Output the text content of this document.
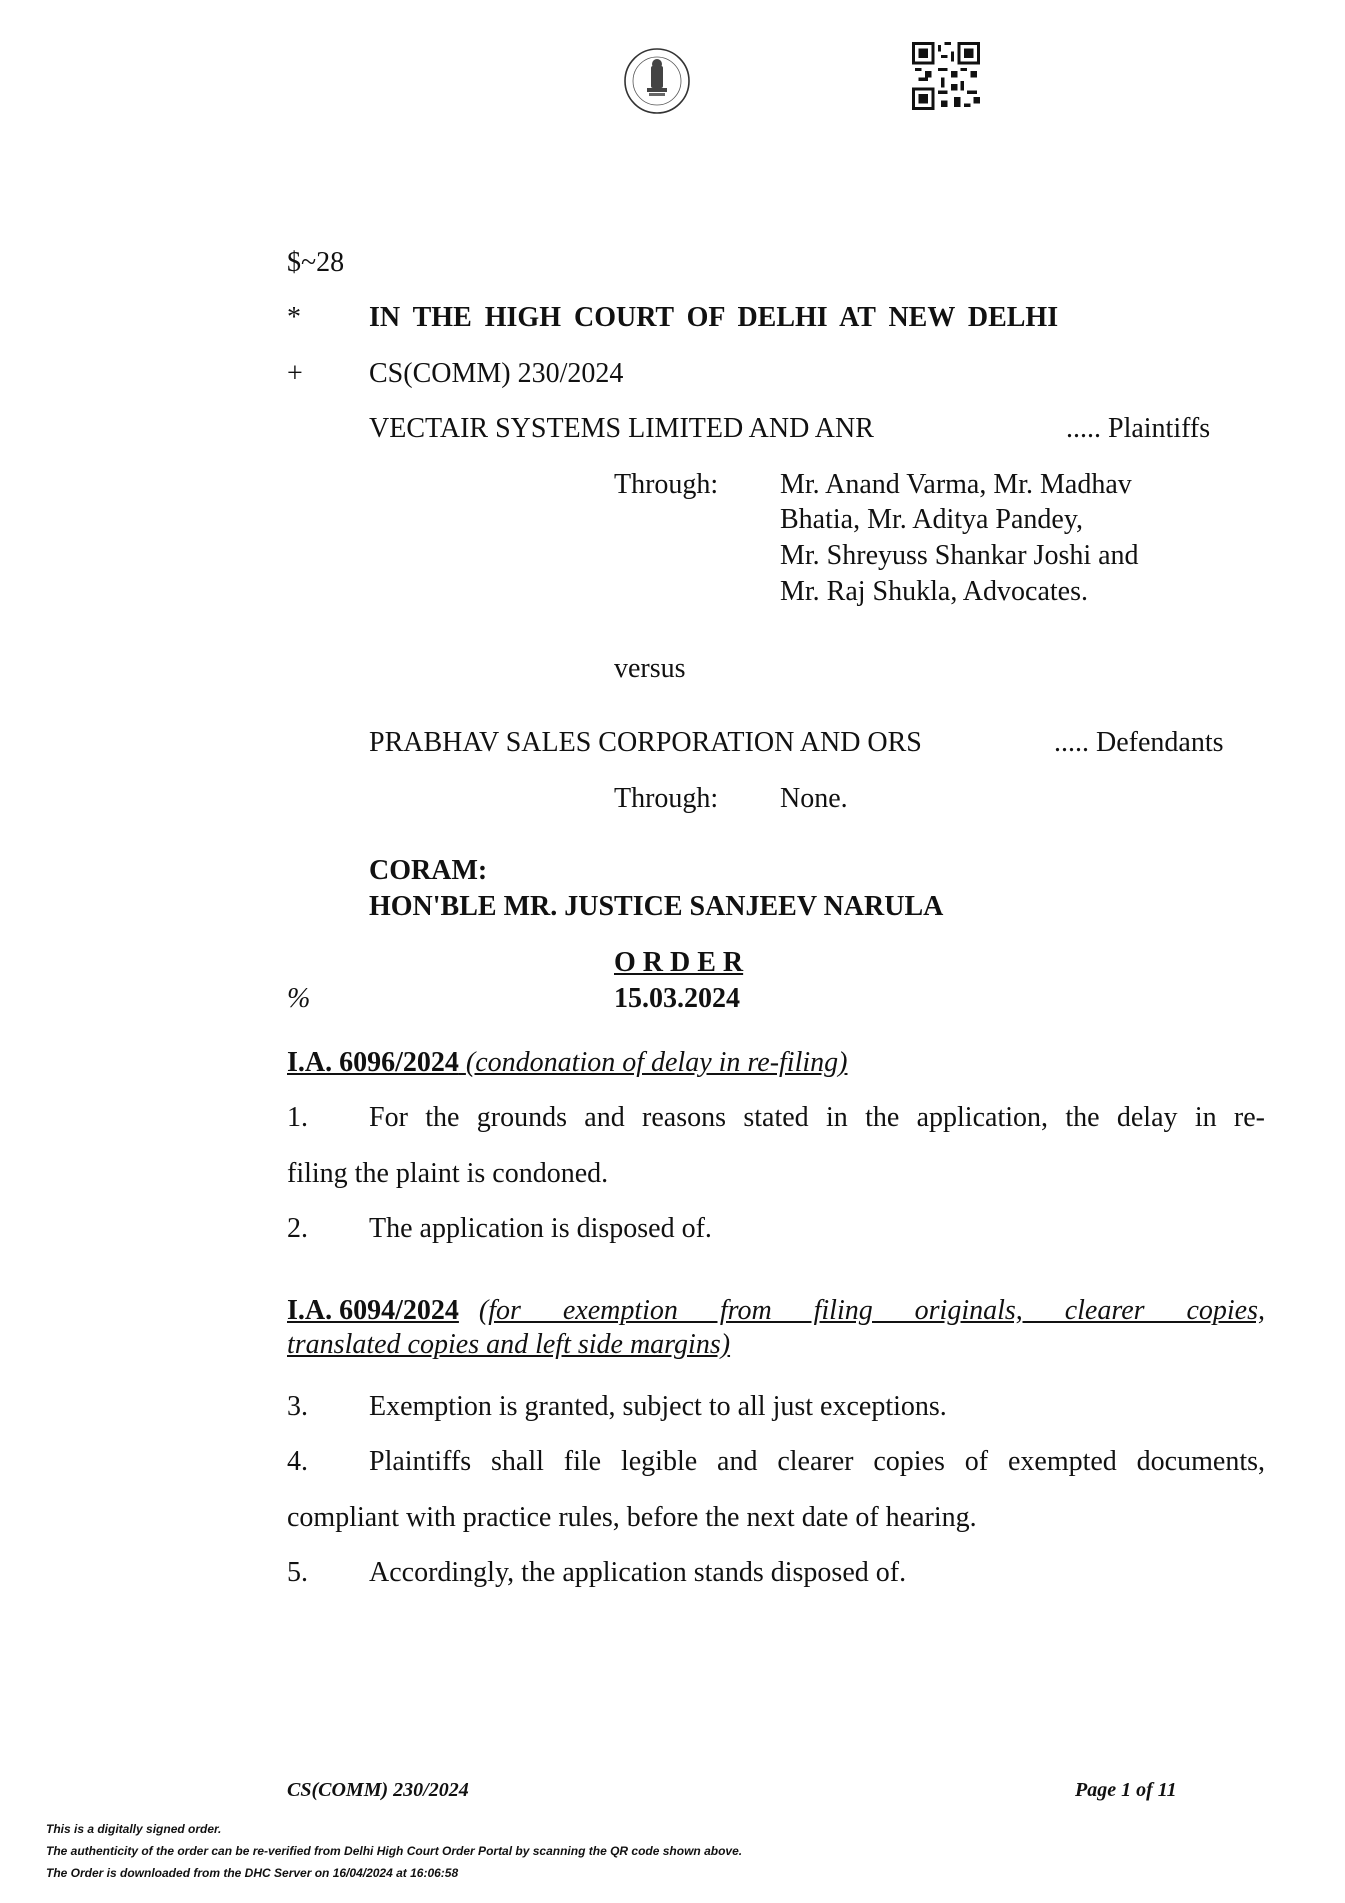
$~28
* IN THE HIGH COURT OF DELHI AT NEW DELHI
+ CS(COMM) 230/2024
VECTAIR SYSTEMS LIMITED AND ANR	..... Plaintiffs
Through: Mr. Anand Varma, Mr. Madhav
Bhatia, Mr. Aditya Pandey,
Mr. Shreyuss Shankar Joshi and
Mr. Raj Shukla, Advocates.
versus
PRABHAV SALES CORPORATION AND ORS	..... Defendants
Through: None.
CORAM:
HON'BLE MR. JUSTICE SANJEEV NARULA
O R D E R
%	15.03.2024
I.A. 6096/2024 (condonation of delay in re-filing)
1. For the grounds and reasons stated in the application, the delay in re-
filing the plaint is condoned.
2. The application is disposed of.
I.A. 6094/2024 (for exemption from filing originals, clearer copies,
translated copies and left side margins)
3. Exemption is granted, subject to all just exceptions.
4. Plaintiffs shall file legible and clearer copies of exempted documents,
compliant with practice rules, before the next date of hearing.
5. Accordingly, the application stands disposed of.
CS(COMM) 230/2024	Page 1 of 11
This is a digitally signed order.
The authenticity of the order can be re-verified from Delhi High Court Order Portal by scanning the QR code shown above.
The Order is downloaded from the DHC Server on 16/04/2024 at 16:06:58
